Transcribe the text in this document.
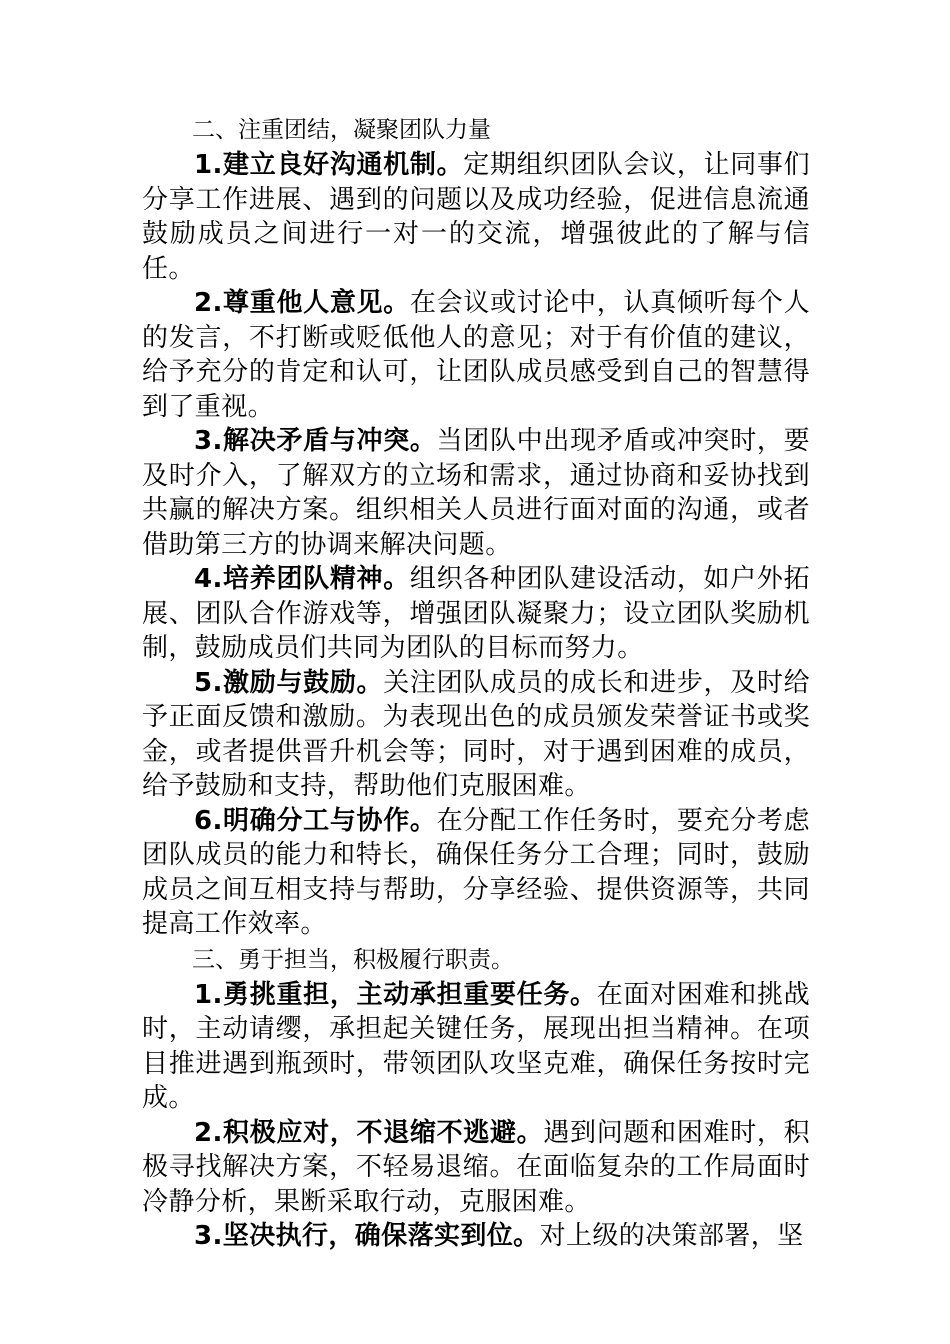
二、注重团结，凝聚团队力量

1.建立良好沟通机制。定期组织团队会议，让同事们分享工作进展、遇到的问题以及成功经验，促进信息流通鼓励成员之间进行一对一的交流，增强彼此的了解与信任。

2.尊重他人意见。在会议或讨论中，认真倾听每个人的发言，不打断或贬低他人的意见；对于有价值的建议，给予充分的肯定和认可，让团队成员感受到自己的智慧得到了重视。

3.解决矛盾与冲突。当团队中出现矛盾或冲突时，要及时介入，了解双方的立场和需求，通过协商和妥协找到共赢的解决方案。组织相关人员进行面对面的沟通，或者借助第三方的协调来解决问题。

4.培养团队精神。组织各种团队建设活动，如户外拓展、团队合作游戏等，增强团队凝聚力；设立团队奖励机制，鼓励成员们共同为团队的目标而努力。

5.激励与鼓励。关注团队成员的成长和进步，及时给予正面反馈和激励。为表现出色的成员颁发荣誉证书或奖金，或者提供晋升机会等；同时，对于遇到困难的成员，给予鼓励和支持，帮助他们克服困难。

6.明确分工与协作。在分配工作任务时，要充分考虑团队成员的能力和特长，确保任务分工合理；同时，鼓励成员之间互相支持与帮助，分享经验、提供资源等，共同提高工作效率。

三、勇于担当，积极履行职责。

1.勇挑重担，主动承担重要任务。在面对困难和挑战时，主动请缨，承担起关键任务，展现出担当精神。在项目推进遇到瓶颈时，带领团队攻坚克难，确保任务按时完成。

2.积极应对，不退缩不逃避。遇到问题和困难时，积极寻找解决方案，不轻易退缩。在面临复杂的工作局面时冷静分析，果断采取行动，克服困难。

3.坚决执行，确保落实到位。对上级的决策部署，坚
